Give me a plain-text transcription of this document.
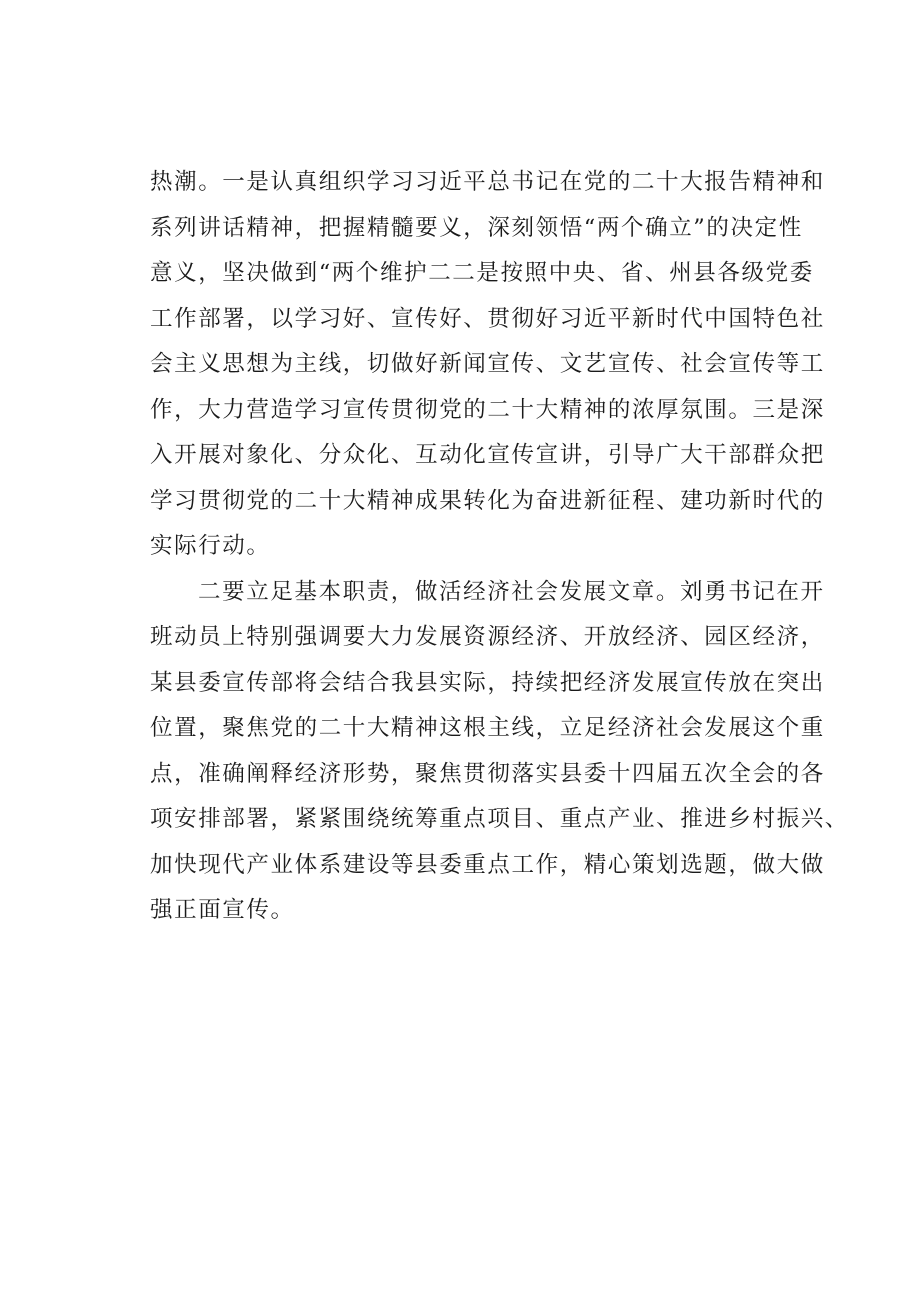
热潮。一是认真组织学习习近平总书记在党的二十大报告精神和
系列讲话精神，把握精髓要义，深刻领悟“两个确立”的决定性
意义，坚决做到“两个维护二二是按照中央、省、州县各级党委
工作部署，以学习好、宣传好、贯彻好习近平新时代中国特色社
会主义思想为主线，切做好新闻宣传、文艺宣传、社会宣传等工
作，大力营造学习宣传贯彻党的二十大精神的浓厚氛围。三是深
入开展对象化、分众化、互动化宣传宣讲，引导广大干部群众把
学习贯彻党的二十大精神成果转化为奋进新征程、建功新时代的
实际行动。
二要立足基本职责，做活经济社会发展文章。刘勇书记在开
班动员上特别强调要大力发展资源经济、开放经济、园区经济，
某县委宣传部将会结合我县实际，持续把经济发展宣传放在突出
位置，聚焦党的二十大精神这根主线，立足经济社会发展这个重
点，准确阐释经济形势，聚焦贯彻落实县委十四届五次全会的各
项安排部署，紧紧围绕统筹重点项目、重点产业、推进乡村振兴、
加快现代产业体系建设等县委重点工作，精心策划选题，做大做
强正面宣传。
